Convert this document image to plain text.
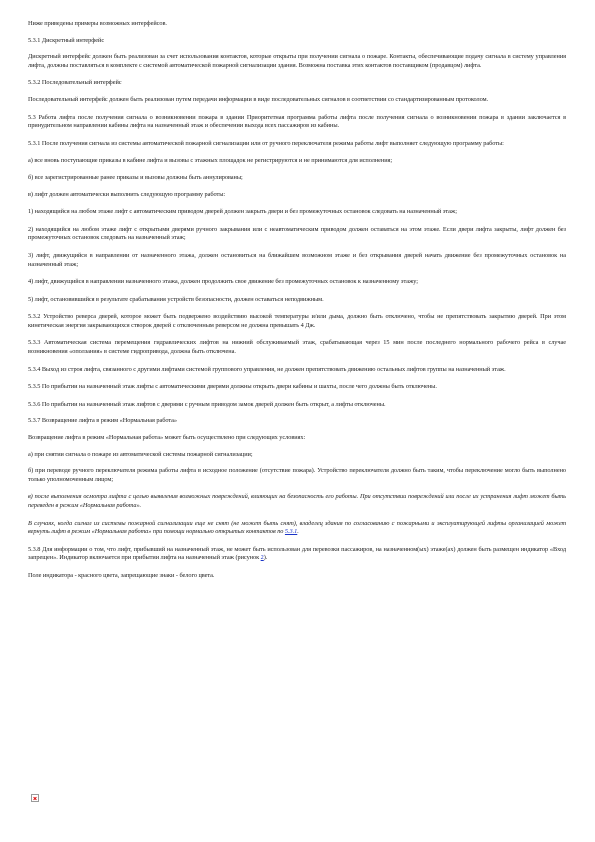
Ниже приведены примеры возможных интерфейсов.

5.3.1 Дискретный интерфейс

Дискретный интерфейс должен быть реализован за счет использования контактов, которые открыты при получении сигнала о пожаре. Контакты, обеспечивающие подачу сигнала в систему управления лифта, должны поставляться в комплекте с системой автоматической пожарной сигнализации здания. Возможна поставка этих контактов поставщиком (продавцом) лифта.

5.3.2 Последовательный интерфейс

Последовательный интерфейс должен быть реализован путем передачи информации в виде последовательных сигналов в соответствии со стандартизированным протоколом.

5.3 Работа лифта после получения сигнала о возникновении пожара в здании Приоритетная программа работы лифта после получения сигнала о возникновении пожара в здании заключается в принудительном направлении кабины лифта на назначенный этаж и обеспечении выхода всех пассажиров из кабины.

5.3.1 После получения сигнала из системы автоматической пожарной сигнализации или от ручного переключателя режима работы лифт выполняет следующую программу работы:

а) все вновь поступающие приказы в кабине лифта и вызовы с этажных площадок не регистрируются и не принимаются для исполнения;

б) все зарегистрированные ранее приказы и вызовы должны быть аннулированы;

в) лифт должен автоматически выполнить следующую программу работы:

1) находящийся на любом этаже лифт с автоматическим приводом дверей должен закрыть двери и без промежуточных остановок следовать на назначенный этаж;

2) находящийся на любом этаже лифт с открытыми дверями ручного закрывания или с неавтоматическим приводом должен оставаться на этом этаже. Если двери лифта закрыты, лифт должен без промежуточных остановок следовать на назначенный этаж;

3) лифт, движущийся в направлении от назначенного этажа, должен остановиться на ближайшем возможном этаже и без открывания дверей начать движение без промежуточных остановок на назначенный этаж;

4) лифт, движущийся в направлении назначенного этажа, должен продолжить свое движение без промежуточных остановок к назначенному этажу;

5) лифт, остановившийся в результате срабатывания устройств безопасности, должен оставаться неподвижным.

5.3.2 Устройство реверса дверей, которое может быть подвержено воздействию высокой температуры и/или дыма, должно быть отключено, чтобы не препятствовать закрытию дверей. При этом кинетическая энергия закрывающихся створок дверей с отключенным реверсом не должна превышать 4 Дж.

5.3.3 Автоматическая система перемещения гидравлических лифтов на нижний обслуживаемый этаж, срабатывающая через 15 мин после последнего нормального рабочего рейса в случае возникновения «оползания» в системе гидропривода, должна быть отключена.

5.3.4 Выход из строя лифта, связанного с другими лифтами системой группового управления, не должен препятствовать движению остальных лифтов группы на назначенный этаж.

5.3.5 По прибытии на назначенный этаж лифты с автоматическими дверями должны открыть двери кабины и шахты, после чего должны быть отключены.

5.3.6 По прибытии на назначенный этаж лифтов с дверями с ручным приводом замок дверей должен быть открыт, а лифты отключены.

5.3.7 Возвращение лифта в режим «Нормальная работа»

Возвращение лифта в режим «Нормальная работа» может быть осуществлено при следующих условиях:

а) при снятии сигнала о пожаре из автоматической системы пожарной сигнализации;

б) при переводе ручного переключателя режима работы лифта в исходное положение (отсутствие пожара). Устройство переключателя должно быть таким, чтобы переключение могло быть выполнено только уполномоченным лицом;

в) после выполнения осмотра лифта с целью выявления возможных повреждений, влияющих на безопасность его работы. При отсутствии повреждений или после их устранения лифт может быть переведен в режим «Нормальная работа».

В случаях, когда сигнал из системы пожарной сигнализации еще не снят (не может быть снят), владелец здания по согласованию с пожарными и эксплуатирующей лифты организацией может вернуть лифт в режим «Нормальная работа» при помощи нормально открытых контактов по 5.3.1.

5.3.8 Для информации о том, что лифт, прибывший на назначенный этаж, не может быть использован для перевозки пассажиров, на назначенном(ых) этаже(ах) должен быть размещен индикатор «Вход запрещен». Индикатор включается при прибытии лифта на назначенный этаж (рисунок 2).

Поле индикатора - красного цвета, запрещающие знаки - белого цвета.
